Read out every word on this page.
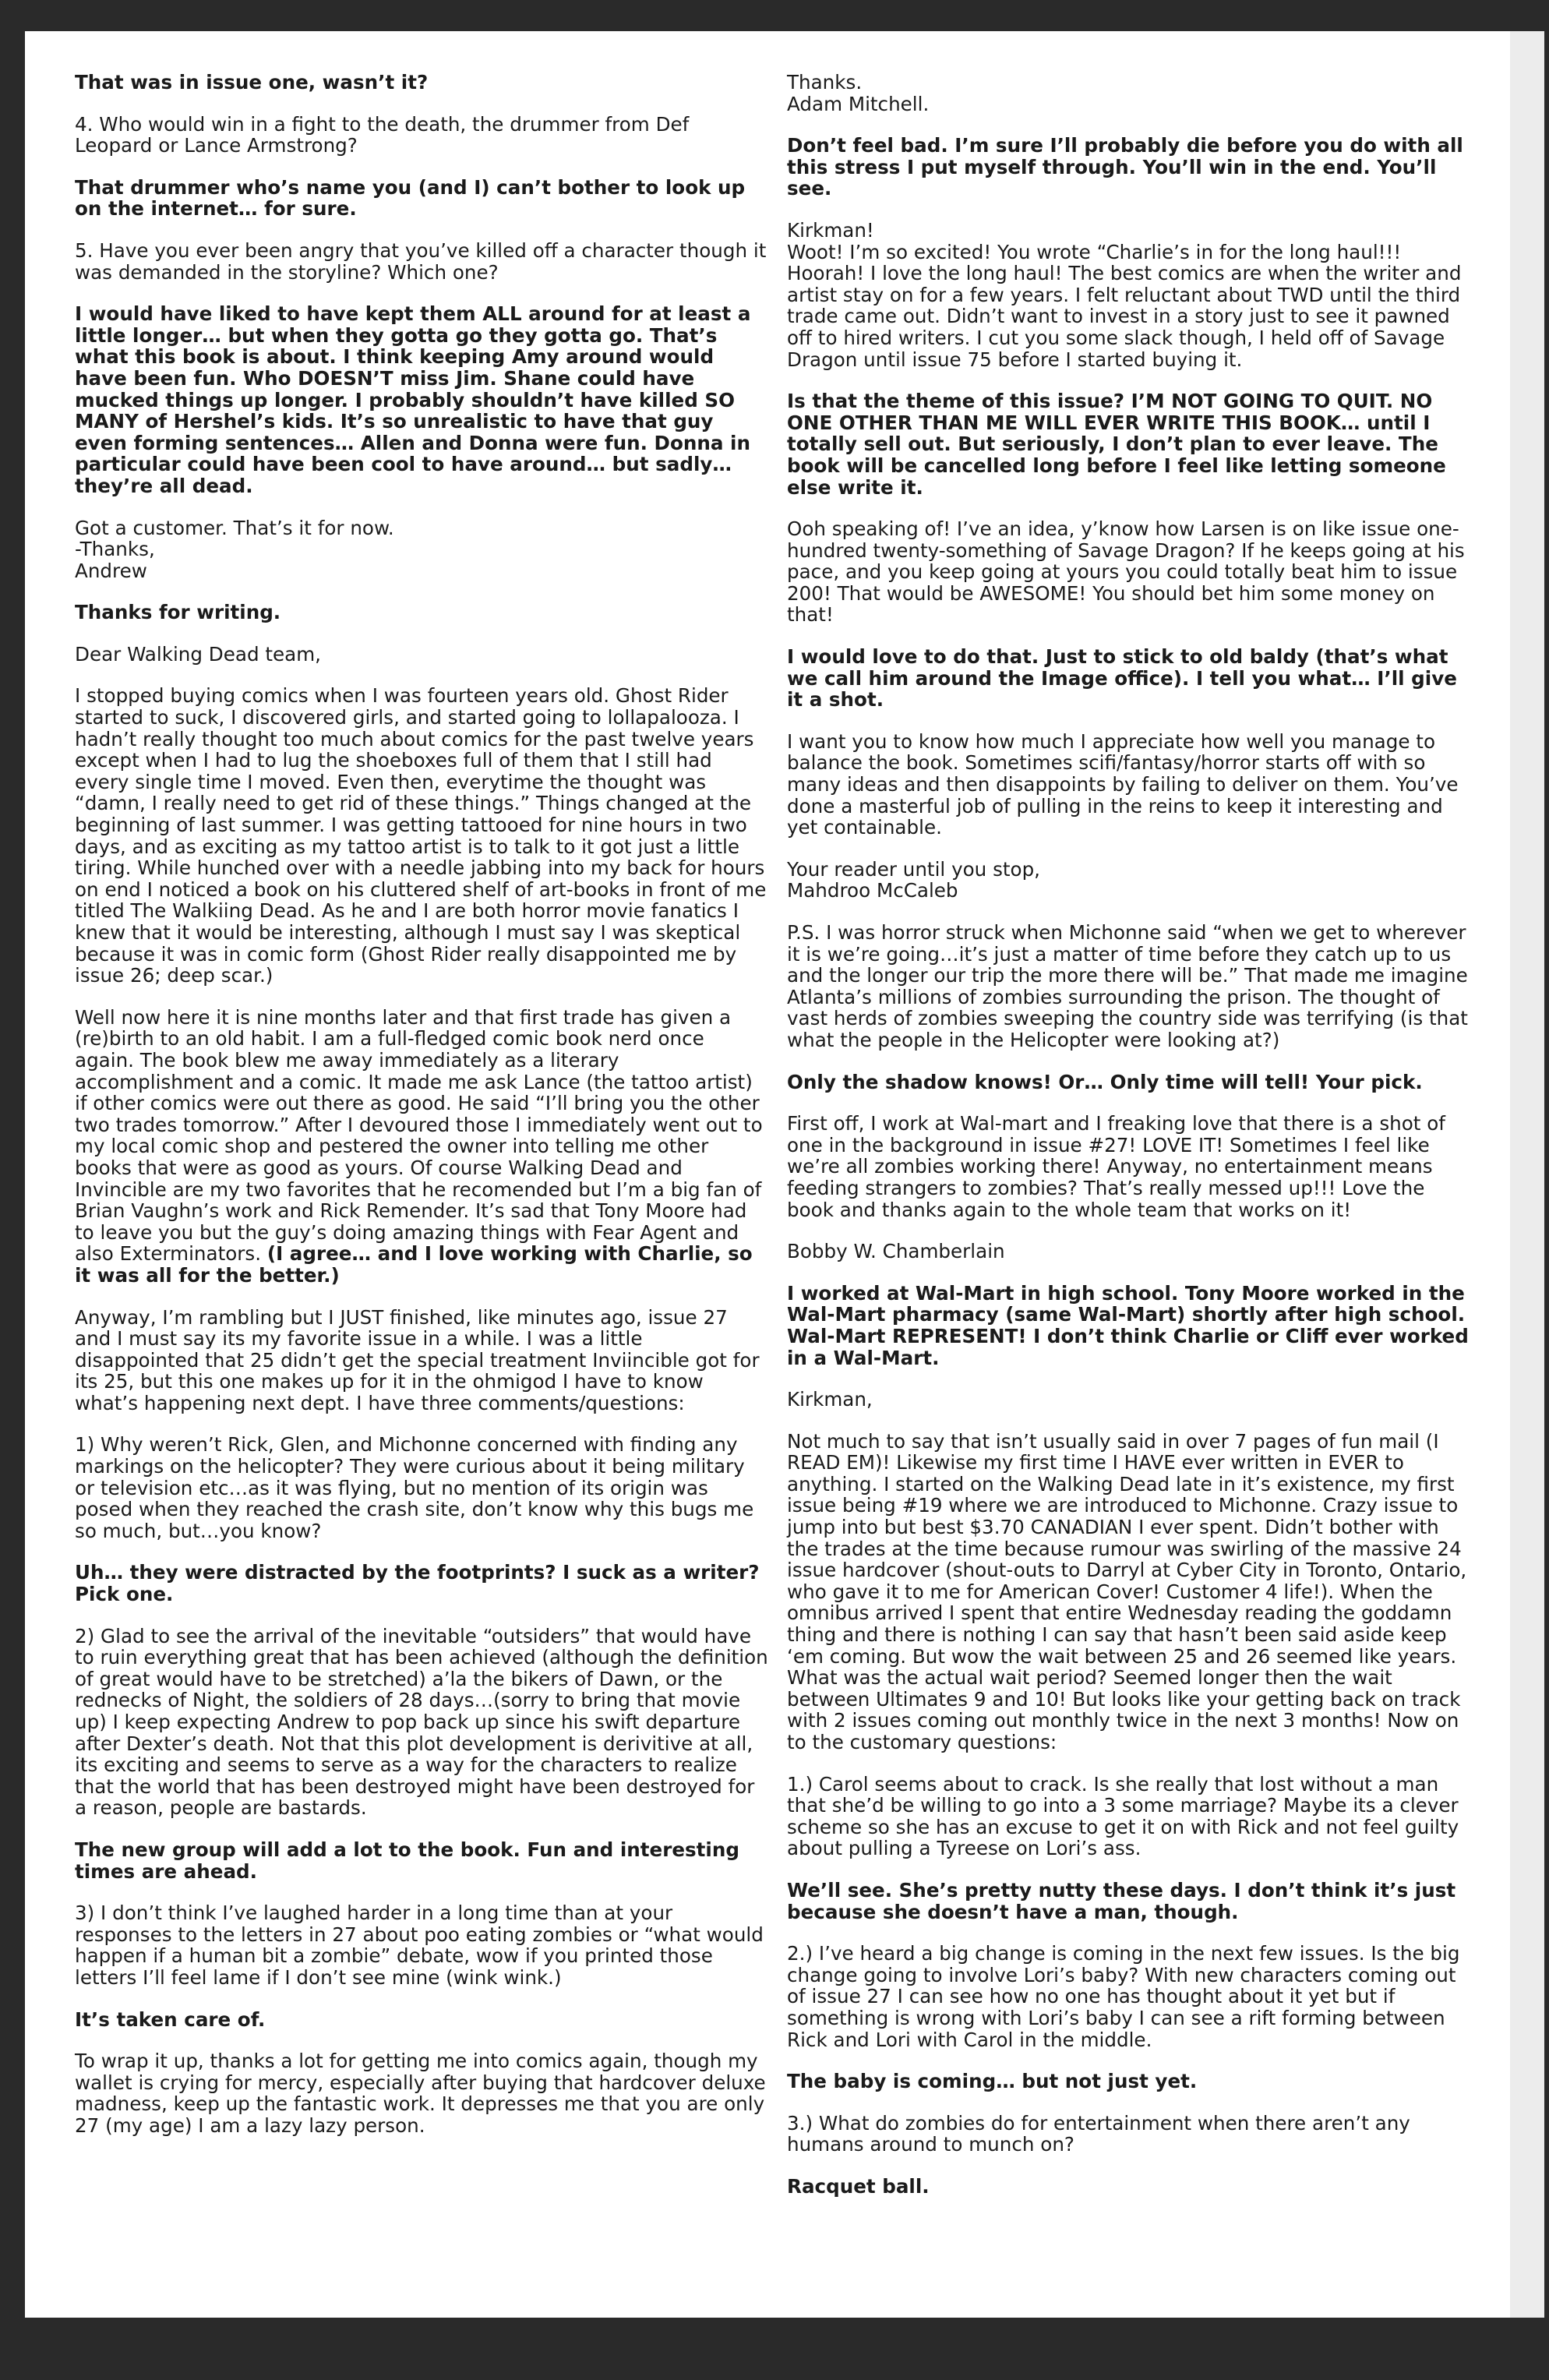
That was in issue one, wasn’t it?

4. Who would win in a fight to the death, the drummer from Def Leopard or Lance Armstrong?

That drummer who’s name you (and I) can’t bother to look up on the internet… for sure.

5. Have you ever been angry that you’ve killed off a character though it was demanded in the storyline? Which one?

I would have liked to have kept them ALL around for at least a little longer… but when they gotta go they gotta go. That’s what this book is about. I think keeping Amy around would have been fun. Who DOESN’T miss Jim. Shane could have mucked things up longer. I probably shouldn’t have killed SO MANY of Hershel’s kids. It’s so unrealistic to have that guy even forming sentences… Allen and Donna were fun. Donna in particular could have been cool to have around… but sadly… they’re all dead.

Got a customer. That’s it for now.
-Thanks,
Andrew

Thanks for writing.

Dear Walking Dead team,

I stopped buying comics when I was fourteen years old. Ghost Rider started to suck, I discovered girls, and started going to lollapalooza. I hadn’t really thought too much about comics for the past twelve years except when I had to lug the shoeboxes full of them that I still had every single time I moved. Even then, everytime the thought was “damn, I really need to get rid of these things.” Things changed at the beginning of last summer. I was getting tattooed for nine hours in two days, and as exciting as my tattoo artist is to talk to it got just a little tiring. While hunched over with a needle jabbing into my back for hours on end I noticed a book on his cluttered shelf of art-books in front of me titled The Walkiing Dead. As he and I are both horror movie fanatics I knew that it would be interesting, although I must say I was skeptical because it was in comic form (Ghost Rider really disappointed me by issue 26; deep scar.)

Well now here it is nine months later and that first trade has given a (re)birth to an old habit. I am a full-fledged comic book nerd once again. The book blew me away immediately as a literary accomplishment and a comic. It made me ask Lance (the tattoo artist) if other comics were out there as good. He said “I’ll bring you the other two trades tomorrow.” After I devoured those I immediately went out to my local comic shop and pestered the owner into telling me other books that were as good as yours. Of course Walking Dead and Invincible are my two favorites that he recomended but I’m a big fan of Brian Vaughn’s work and Rick Remender. It’s sad that Tony Moore had to leave you but the guy’s doing amazing things with Fear Agent and also Exterminators. (I agree… and I love working with Charlie, so it was all for the better.)

Anyway, I’m rambling but I JUST finished, like minutes ago, issue 27 and I must say its my favorite issue in a while. I was a little disappointed that 25 didn’t get the special treatment Inviincible got for its 25, but this one makes up for it in the ohmigod I have to know what’s happening next dept. I have three comments/questions:

1) Why weren’t Rick, Glen, and Michonne concerned with finding any markings on the helicopter? They were curious about it being military or television etc…as it was flying, but no mention of its origin was posed when they reached the crash site, don’t know why this bugs me so much, but…you know?

Uh… they were distracted by the footprints? I suck as a writer? Pick one.

2) Glad to see the arrival of the inevitable “outsiders” that would have to ruin everything great that has been achieved (although the definition of great would have to be stretched) a’la the bikers of Dawn, or the rednecks of Night, the soldiers of 28 days…(sorry to bring that movie up) I keep expecting Andrew to pop back up since his swift departure after Dexter’s death. Not that this plot development is derivitive at all, its exciting and seems to serve as a way for the characters to realize that the world that has been destroyed might have been destroyed for a reason, people are bastards.

The new group will add a lot to the book. Fun and interesting times are ahead.

3) I don’t think I’ve laughed harder in a long time than at your responses to the letters in 27 about poo eating zombies or “what would happen if a human bit a zombie” debate, wow if you printed those letters I’ll feel lame if I don’t see mine (wink wink.)

It’s taken care of.

To wrap it up, thanks a lot for getting me into comics again, though my wallet is crying for mercy, especially after buying that hardcover deluxe madness, keep up the fantastic work. It depresses me that you are only 27 (my age) I am a lazy lazy person.

Thanks.
Adam Mitchell.

Don’t feel bad. I’m sure I’ll probably die before you do with all this stress I put myself through. You’ll win in the end. You’ll see.

Kirkman!
Woot! I’m so excited! You wrote “Charlie’s in for the long haul!!! Hoorah! I love the long haul! The best comics are when the writer and artist stay on for a few years. I felt reluctant about TWD until the third trade came out. Didn’t want to invest in a story just to see it pawned off to hired writers. I cut you some slack though, I held off of Savage Dragon until issue 75 before I started buying it.

Is that the theme of this issue? I’M NOT GOING TO QUIT. NO ONE OTHER THAN ME WILL EVER WRITE THIS BOOK… until I totally sell out. But seriously, I don’t plan to ever leave. The book will be cancelled long before I feel like letting someone else write it.

Ooh speaking of! I’ve an idea, y’know how Larsen is on like issue one-hundred twenty-something of Savage Dragon? If he keeps going at his pace, and you keep going at yours you could totally beat him to issue 200! That would be AWESOME! You should bet him some money on that!

I would love to do that. Just to stick to old baldy (that’s what we call him around the Image office). I tell you what… I’ll give it a shot.

I want you to know how much I appreciate how well you manage to balance the book. Sometimes scifi/fantasy/horror starts off with so many ideas and then disappoints by failing to deliver on them. You’ve done a masterful job of pulling in the reins to keep it interesting and yet containable.

Your reader until you stop,
Mahdroo McCaleb

P.S. I was horror struck when Michonne said “when we get to wherever it is we’re going…it’s just a matter of time before they catch up to us and the longer our trip the more there will be.” That made me imagine Atlanta’s millions of zombies surrounding the prison. The thought of vast herds of zombies sweeping the country side was terrifying (is that what the people in the Helicopter were looking at?)

Only the shadow knows! Or… Only time will tell! Your pick.

First off, I work at Wal-mart and I freaking love that there is a shot of one in the background in issue #27! LOVE IT! Sometimes I feel like we’re all zombies working there! Anyway, no entertainment means feeding strangers to zombies? That’s really messed up!!! Love the book and thanks again to the whole team that works on it!

Bobby W. Chamberlain

I worked at Wal-Mart in high school. Tony Moore worked in the Wal-Mart pharmacy (same Wal-Mart) shortly after high school. Wal-Mart REPRESENT! I don’t think Charlie or Cliff ever worked in a Wal-Mart.

Kirkman,

Not much to say that isn’t usually said in over 7 pages of fun mail (I READ EM)! Likewise my first time I HAVE ever written in EVER to anything. I started on the Walking Dead late in it’s existence, my first issue being #19 where we are introduced to Michonne. Crazy issue to jump into but best $3.70 CANADIAN I ever spent. Didn’t bother with the trades at the time because rumour was swirling of the massive 24 issue hardcover (shout-outs to Darryl at Cyber City in Toronto, Ontario, who gave it to me for American Cover! Customer 4 life!). When the omnibus arrived I spent that entire Wednesday reading the goddamn thing and there is nothing I can say that hasn’t been said aside keep ‘em coming. But wow the wait between 25 and 26 seemed like years. What was the actual wait period? Seemed longer then the wait between Ultimates 9 and 10! But looks like your getting back on track with 2 issues coming out monthly twice in the next 3 months! Now on to the customary questions:

1.) Carol seems about to crack. Is she really that lost without a man that she’d be willing to go into a 3 some marriage? Maybe its a clever scheme so she has an excuse to get it on with Rick and not feel guilty about pulling a Tyreese on Lori’s ass.

We’ll see. She’s pretty nutty these days. I don’t think it’s just because she doesn’t have a man, though.

2.) I’ve heard a big change is coming in the next few issues. Is the big change going to involve Lori’s baby? With new characters coming out of issue 27 I can see how no one has thought about it yet but if something is wrong with Lori’s baby I can see a rift forming between Rick and Lori with Carol in the middle.

The baby is coming… but not just yet.

3.) What do zombies do for entertainment when there aren’t any humans around to munch on?

Racquet ball.
